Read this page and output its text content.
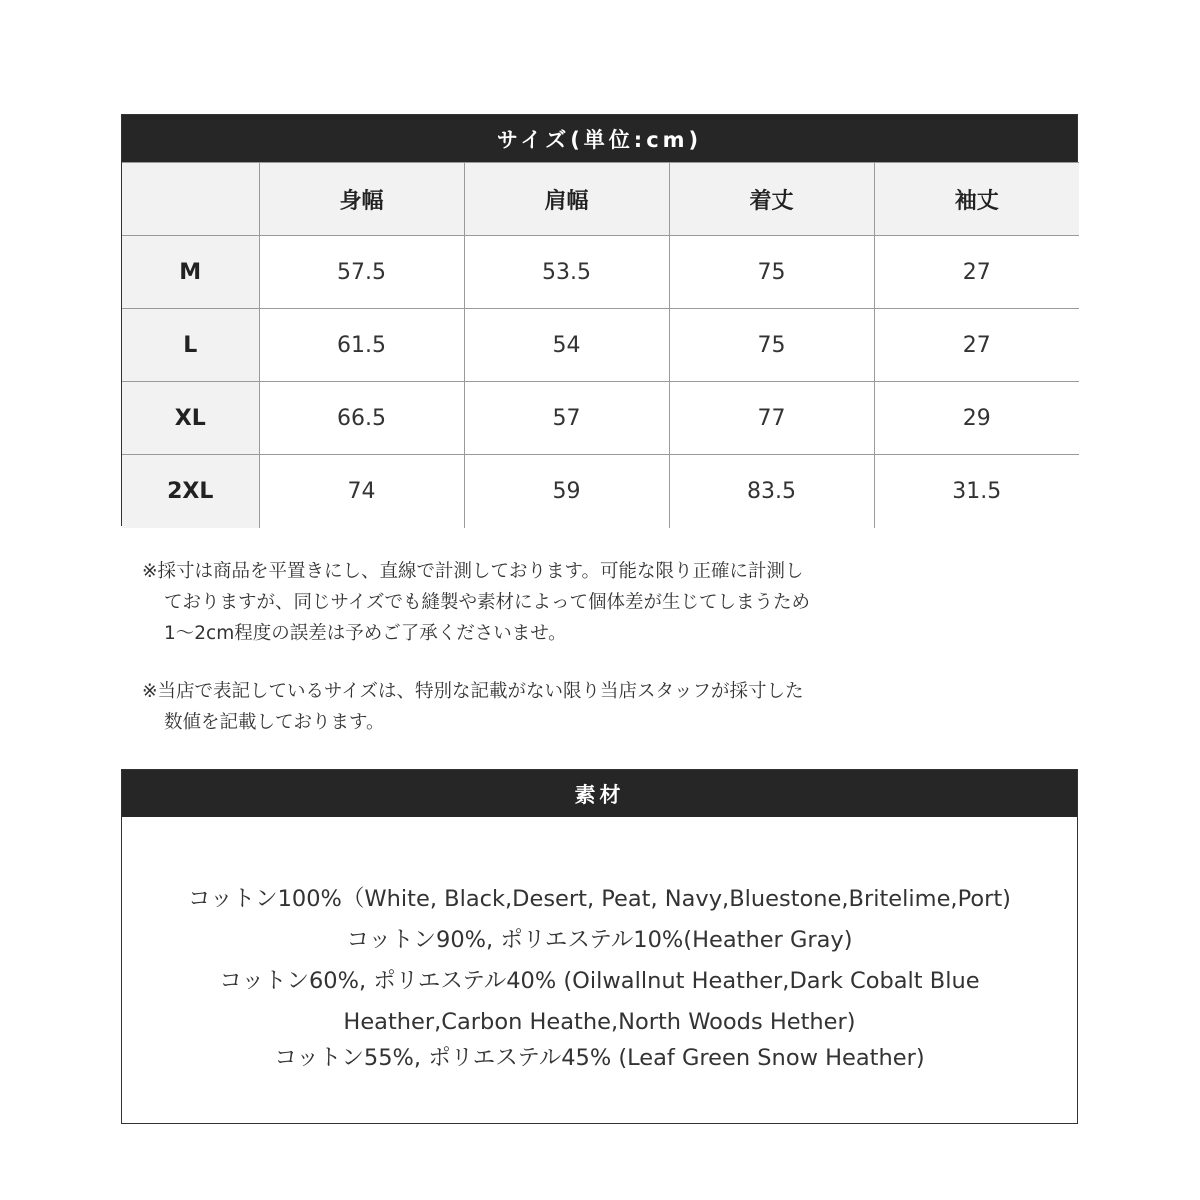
サイズ(単位:cm)
	身幅	肩幅	着丈	袖丈
M	57.5	53.5	75	27
L	61.5	54	75	27
XL	66.5	57	77	29
2XL	74	59	83.5	31.5

※採寸は商品を平置きにし、直線で計測しております。可能な限り正確に計測し
ておりますが、同じサイズでも縫製や素材によって個体差が生じてしまうため
1〜2cm程度の誤差は予めご了承くださいませ。

※当店で表記しているサイズは、特別な記載がない限り当店スタッフが採寸した
数値を記載しております。

素材
コットン100%（White, Black,Desert, Peat, Navy,Bluestone,Britelime,Port)
コットン90%, ポリエステル10%(Heather Gray)
コットン60%, ポリエステル40% (Oilwallnut Heather,Dark Cobalt Blue Heather,Carbon Heathe,North Woods Hether)
コットン55%, ポリエステル45% (Leaf Green Snow Heather)
